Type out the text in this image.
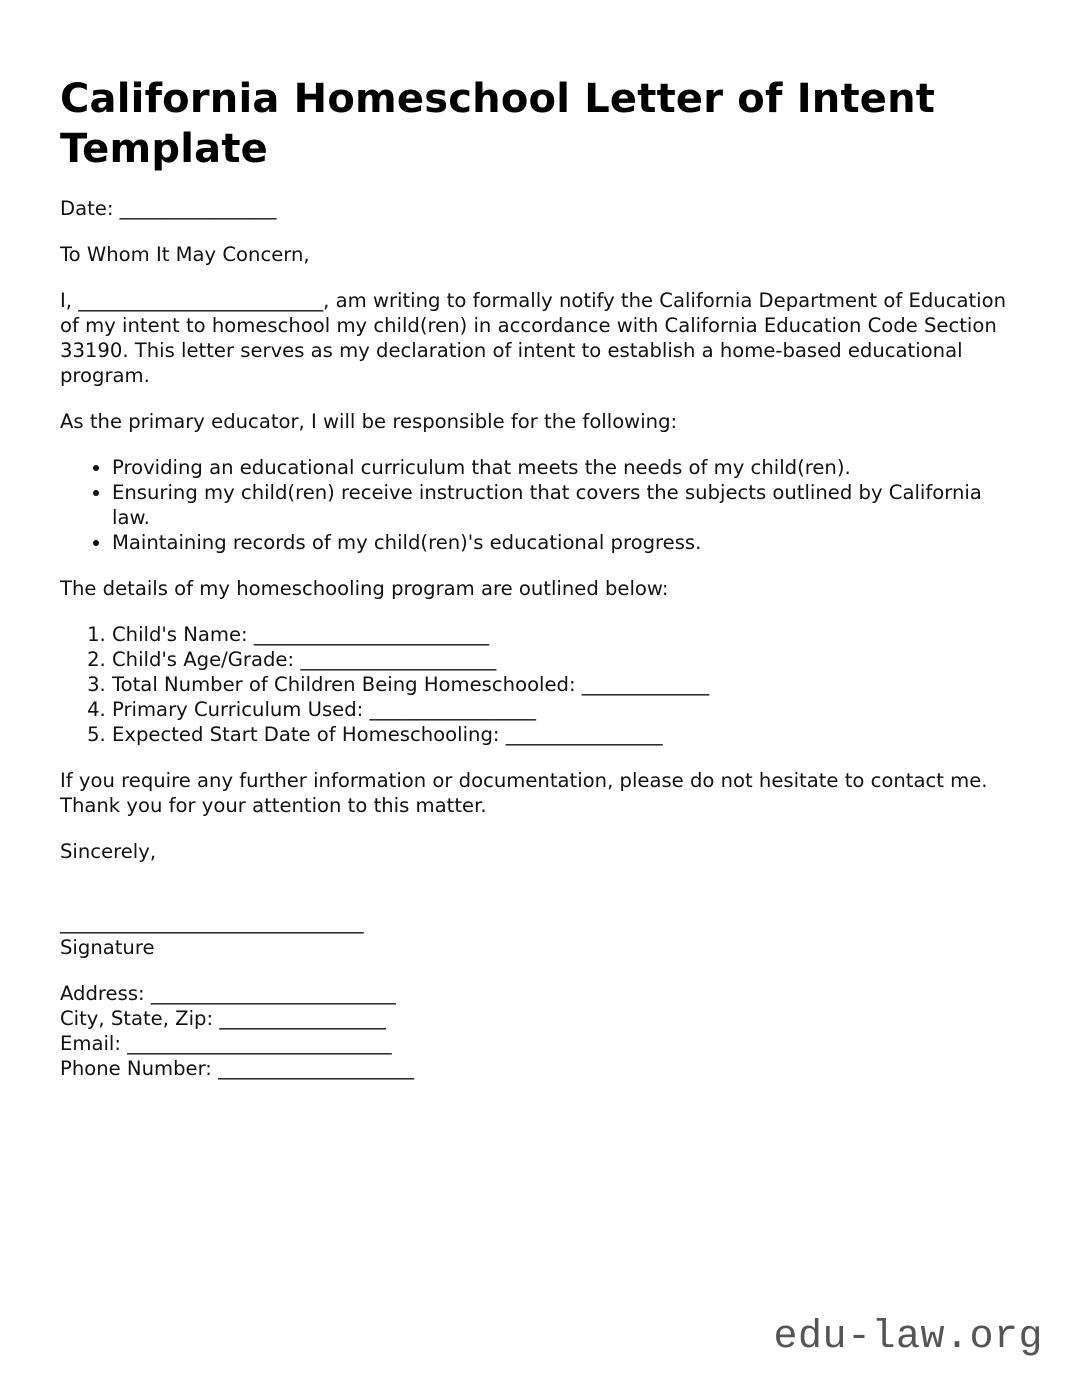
California Homeschool Letter of Intent Template

Date: ________________

To Whom It May Concern,

I, _________________________, am writing to formally notify the California Department of Education of my intent to homeschool my child(ren) in accordance with California Education Code Section 33190. This letter serves as my declaration of intent to establish a home-based educational program.

As the primary educator, I will be responsible for the following:

• Providing an educational curriculum that meets the needs of my child(ren).
• Ensuring my child(ren) receive instruction that covers the subjects outlined by California law.
• Maintaining records of my child(ren)'s educational progress.

The details of my homeschooling program are outlined below:

1. Child's Name: ________________________
2. Child's Age/Grade: ____________________
3. Total Number of Children Being Homeschooled: _____________
4. Primary Curriculum Used: _________________
5. Expected Start Date of Homeschooling: ________________

If you require any further information or documentation, please do not hesitate to contact me. Thank you for your attention to this matter.

Sincerely,

_______________________________
Signature
Address: _________________________
City, State, Zip: _________________
Email: ___________________________
Phone Number: ____________________
edu-law.org
